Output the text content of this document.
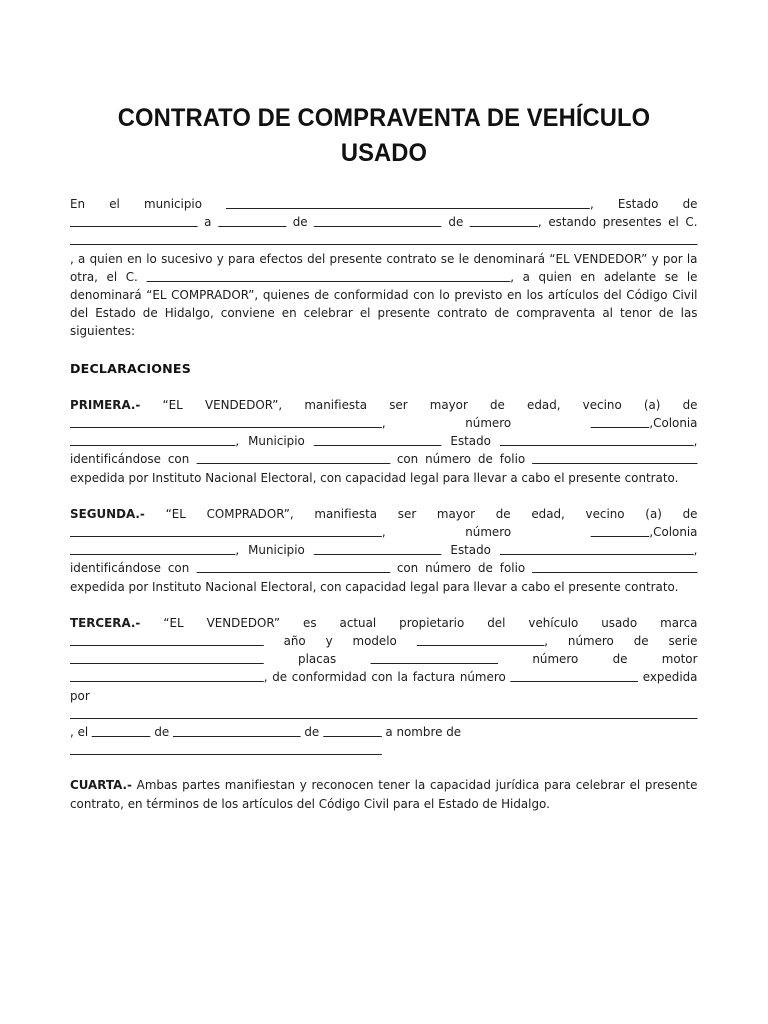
CONTRATO DE COMPRAVENTA DE VEHÍCULO USADO

En el municipio	, Estado de  a	de	de	, estando presentes el C. , a quien en lo sucesivo y para efectos del presente contrato se le denominará “EL VENDEDOR” y por la otra, el C.	, a quien en adelante se le denominará “EL COMPRADOR”, quienes de conformidad con lo previsto en los artículos del Código Civil del Estado de Hidalgo, conviene en celebrar el presente contrato de compraventa al tenor de las siguientes:

DECLARACIONES

PRIMERA.- “EL VENDEDOR”, manifiesta ser mayor de edad, vecino (a) de , número	,Colonia, Municipio	Estado	, identificándose con	con número de folio  expedida por Instituto Nacional Electoral, con capacidad legal para llevar a cabo el presente contrato.

SEGUNDA.- “EL COMPRADOR”, manifiesta ser mayor de edad, vecino (a) de , número	,Colonia, Municipio	Estado	, identificándose con	con número de folio  expedida por Instituto Nacional Electoral, con capacidad legal para llevar a cabo el presente contrato.

TERCERA.- “EL VENDEDOR” es actual propietario del vehículo usado marca año y modelo	, número de serie  placas	número de motor , de conformidad con la factura número	expedida por , el	de	de	a nombre de

CUARTA.- Ambas partes manifiestan y reconocen tener la capacidad jurídica para celebrar el presente contrato, en términos de los artículos del Código Civil para el Estado de Hidalgo.
